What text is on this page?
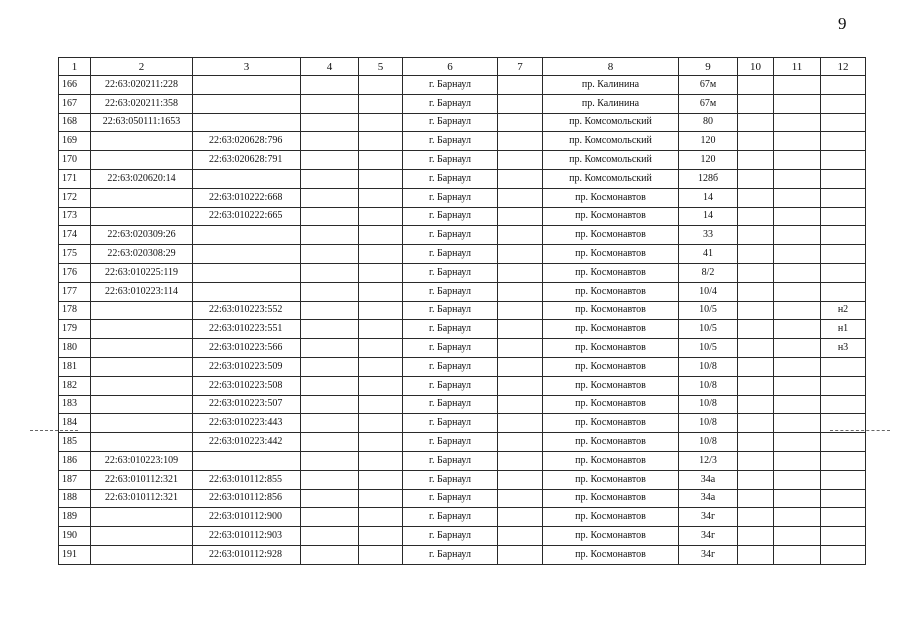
9
1	2	3	4	5	6	7	8	9	10	11	12
166	22:63:020211:228				г. Барнаул		пр. Калинина	67м			
167	22:63:020211:358				г. Барнаул		пр. Калинина	67м			
168	22:63:050111:1653				г. Барнаул		пр. Комсомольский	80			
169		22:63:020628:796			г. Барнаул		пр. Комсомольский	120			
170		22:63:020628:791			г. Барнаул		пр. Комсомольский	120			
171	22:63:020620:14				г. Барнаул		пр. Комсомольский	128б			
172		22:63:010222:668			г. Барнаул		пр. Космонавтов	14			
173		22:63:010222:665			г. Барнаул		пр. Космонавтов	14			
174	22:63:020309:26				г. Барнаул		пр. Космонавтов	33			
175	22:63:020308:29				г. Барнаул		пр. Космонавтов	41			
176	22:63:010225:119				г. Барнаул		пр. Космонавтов	8/2			
177	22:63:010223:114				г. Барнаул		пр. Космонавтов	10/4			
178		22:63:010223:552			г. Барнаул		пр. Космонавтов	10/5			н2
179		22:63:010223:551			г. Барнаул		пр. Космонавтов	10/5			н1
180		22:63:010223:566			г. Барнаул		пр. Космонавтов	10/5			н3
181		22:63:010223:509			г. Барнаул		пр. Космонавтов	10/8			
182		22:63:010223:508			г. Барнаул		пр. Космонавтов	10/8			
183		22:63:010223:507			г. Барнаул		пр. Космонавтов	10/8			
184		22:63:010223:443			г. Барнаул		пр. Космонавтов	10/8			
185		22:63:010223:442			г. Барнаул		пр. Космонавтов	10/8			
186	22:63:010223:109				г. Барнаул		пр. Космонавтов	12/3			
187	22:63:010112:321	22:63:010112:855			г. Барнаул		пр. Космонавтов	34а			
188	22:63:010112:321	22:63:010112:856			г. Барнаул		пр. Космонавтов	34а			
189		22:63:010112:900			г. Барнаул		пр. Космонавтов	34г			
190		22:63:010112:903			г. Барнаул		пр. Космонавтов	34г			
191		22:63:010112:928			г. Барнаул		пр. Космонавтов	34г			
